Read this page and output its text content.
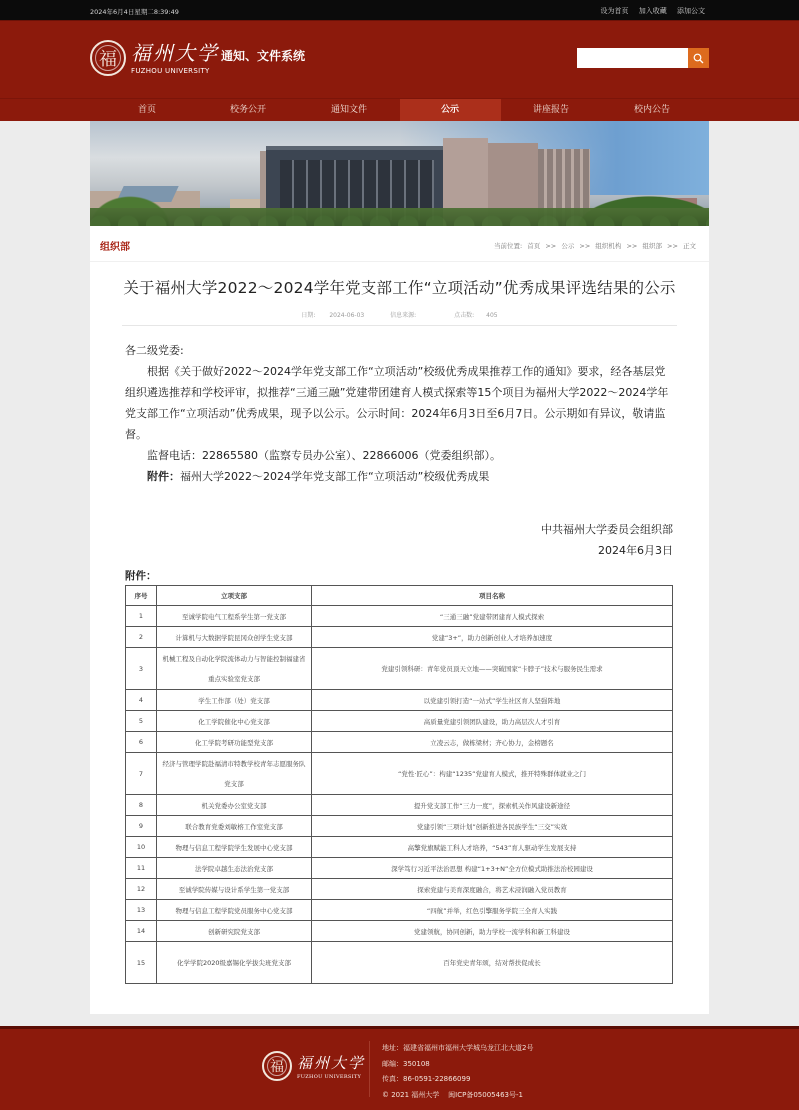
2024年6月4日星期二8:39:49	设为首页 加入收藏 添加公文
福 福州大学 通知、文件系统
FUZHOU UNIVERSITY
首页	校务公开	通知文件	公示	讲座报告	校内公告
组织部	当前位置: 首页 >> 公示 >> 组织机构 >> 组织部 >> 正文
关于福州大学2022～2024学年党支部工作“立项活动”优秀成果评选结果的公示
日期: 2024-06-03	信息来源:	点击数: 405

各二级党委:

根据《关于做好2022～2024学年党支部工作“立项活动”校级优秀成果推荐工作的通知》要求，经各基层党组织遴选推荐和学校评审，拟推荐“三通三融”党建带团建育人模式探索等15个项目为福州大学2022～2024学年党支部工作“立项活动”优秀成果，现予以公示。公示时间：2024年6月3日至6月7日。公示期如有异议，敬请监督。

监督电话：22865580（监察专员办公室）、22866006（党委组织部）。

附件：福州大学2022～2024学年党支部工作“立项活动”校级优秀成果

中共福州大学委员会组织部
2024年6月3日
附件：
序号	立项支部	项目名称
1	至诚学院电气工程系学生第一党支部	“三通三融”党建带团建育人模式探索
2	计算机与大数据学院昆冈众创学生党支部	党建“3+”，助力创新创业人才培养加速度
3	机械工程及自动化学院流体动力与智能控制福建省重点实验室党支部	党建引领科研：青年党员顶天立地——突破国家“卡脖子”技术与服务民生需求
4	学生工作部（处）党支部	以党建引领打造“一站式”学生社区育人坚强阵地
5	化工学院催化中心党支部	高质量党建引领团队建设，助力高层次人才引育
6	化工学院考研功能型党支部	立凌云志，做栋梁材；齐心协力，金榜题名
7	经济与管理学院赴福清市特教学校青年志愿服务队党支部	“党性·匠心”：构建“1235”党建育人模式，推开特殊群体就业之门
8	机关党委办公室党支部	提升党支部工作“三力一度”，探索机关作风建设新途径
9	联合教育党委刘敏榕工作室党支部	党建引领“三项计划”创新推进各民族学生“三交”实效
10	物理与信息工程学院学生发展中心党支部	高擎党旗赋能工科人才培养，“543”育人驱动学生发展支持
11	法学院卓越生态法治党支部	深学笃行习近平法治思想 构建“1+3+N”全方位模式助推法治校园建设
12	至诚学院传媒与设计系学生第一党支部	探索党建与美育深度融合，将艺术浸润融入党员教育
13	物理与信息工程学院党员服务中心党支部	“四航”并举，红色引擎服务学院三全育人实践
14	创新研究院党支部	党建领航，协同创新，助力学校一流学科和新工科建设
15	化学学院2020级嘉锡化学拔尖班党支部	百年党史青年颂，结对帮扶促成长
福 福州大学
FUZHOU UNIVERSITY
地址：福建省福州市福州大学城乌龙江北大道2号
邮编：350108
传真：86-0591-22866099
© 2021 福州大学 闽ICP备05005463号-1
